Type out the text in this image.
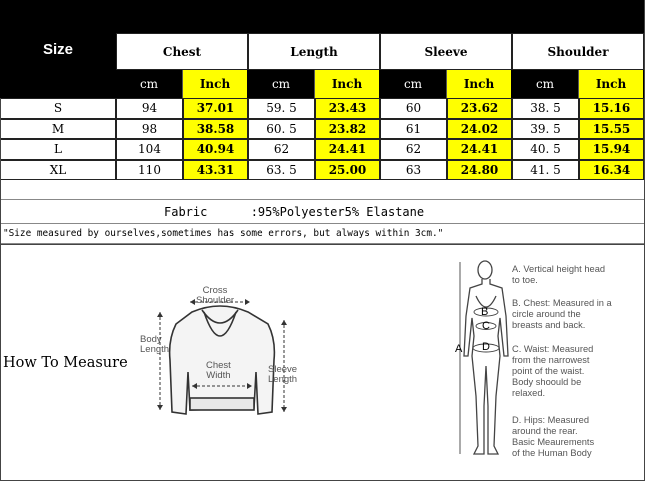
Size	Chest	Length	Sleeve	Shoulder
cm	Inch	cm	Inch	cm	Inch	cm	Inch
S	94	37.01	59. 5	23.43	60	23.62	38. 5	15.16
M	98	38.58	60. 5	23.82	61	24.02	39. 5	15.55
L	104	40.94	62	24.41	62	24.41	40. 5	15.94
XL	110	43.31	63. 5	25.00	63	24.80	41. 5	16.34
Fabric      :95%Polyester5% Elastane
"Size measured by ourselves,sometimes has some errors, but always within 3cm."
How To Measure
Cross
Shoulder
Body
Length
Chest
Width
Sleeve
Length
A
B
C
D
A. Vertical height head
to toe.
B. Chest: Measured in a
circle around the
breasts and back.
C. Waist: Measured
from the narrowest
point of the waist.
Body shoould be
relaxed.
D. Hips: Measured
around the rear.
Basic Meaurements
of the Human Body
